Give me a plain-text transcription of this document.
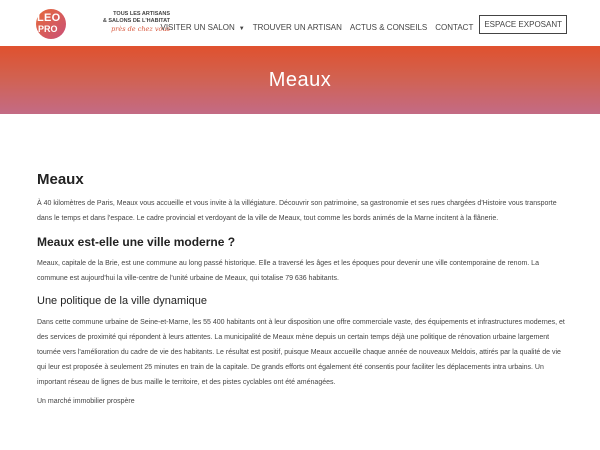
LEO
PRO
TOUS LES ARTISANS
& SALONS DE L'HABITAT
près de chez vous
VISITER UN SALON ▼ TROUVER UN ARTISAN ACTUS & CONSEILS CONTACT	ESPACE EXPOSANT
Meaux
Meaux

À 40 kilomètres de Paris, Meaux vous accueille et vous invite à la villégiature. Découvrir son patrimoine, sa gastronomie et ses rues chargées d'Histoire vous transporte dans le temps et dans l'espace. Le cadre provincial et verdoyant de la ville de Meaux, tout comme les bords animés de la Marne incitent à la flânerie.

Meaux est-elle une ville moderne ?

Meaux, capitale de la Brie, est une commune au long passé historique. Elle a traversé les âges et les époques pour devenir une ville contemporaine de renom. La commune est aujourd'hui la ville-centre de l'unité urbaine de Meaux, qui totalise 79 636 habitants.

Une politique de la ville dynamique

Dans cette commune urbaine de Seine-et-Marne, les 55 400 habitants ont à leur disposition une offre commerciale vaste, des équipements et infrastructures modernes, et des services de proximité qui répondent à leurs attentes. La municipalité de Meaux mène depuis un certain temps déjà une politique de rénovation urbaine largement tournée vers l'amélioration du cadre de vie des habitants. Le résultat est positif, puisque Meaux accueille chaque année de nouveaux Meldois, attirés par la qualité de vie qui leur est proposée à seulement 25 minutes en train de la capitale. De grands efforts ont également été consentis pour faciliter les déplacements intra urbains. Un important réseau de lignes de bus maille le territoire, et des pistes cyclables ont été aménagées.

Un marché immobilier prospère
